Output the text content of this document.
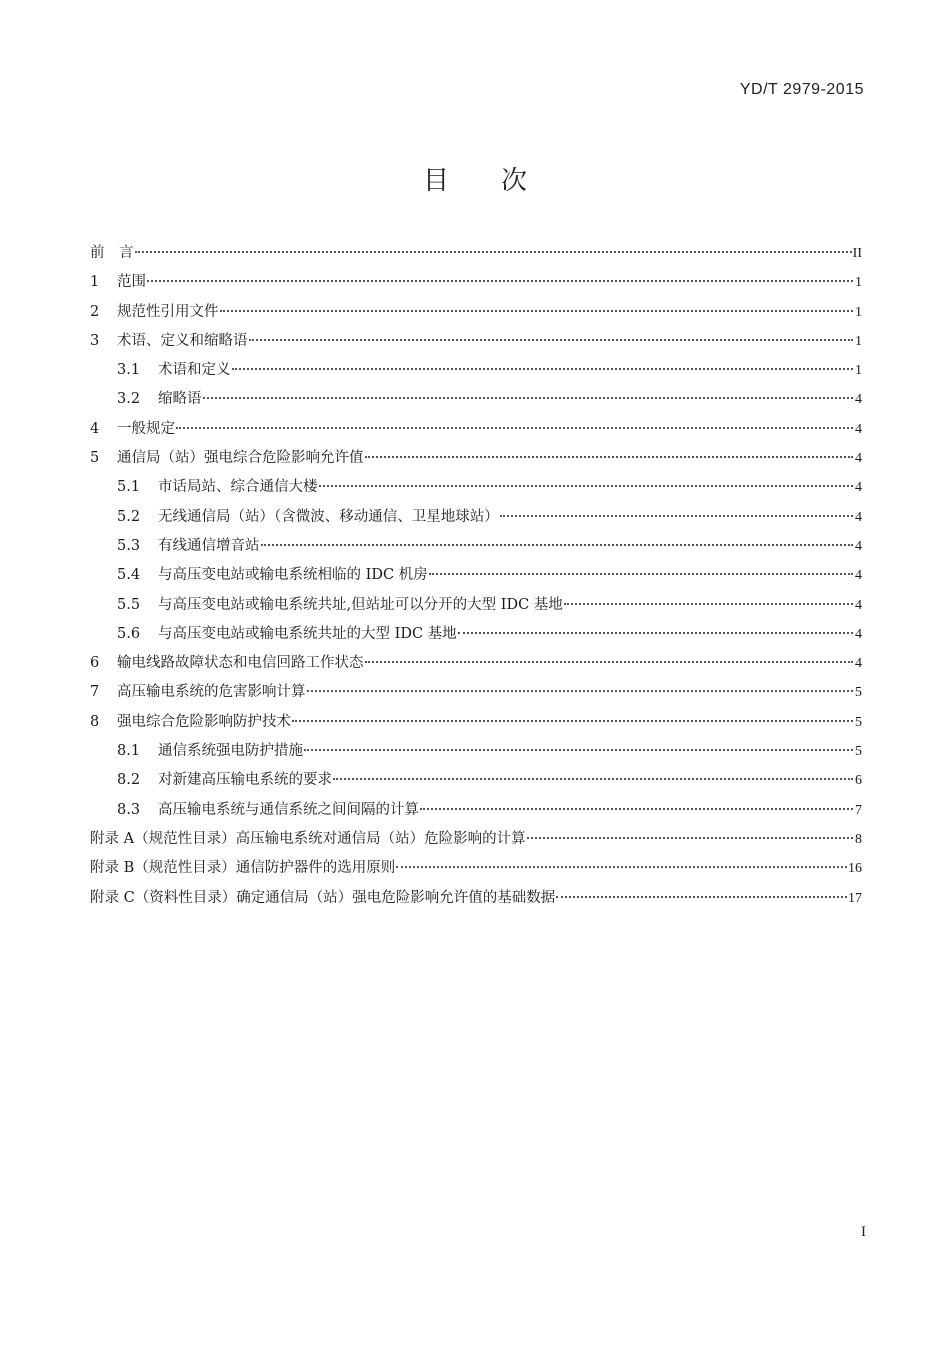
YD/T 2979-2015
目次
前　言	II
1	范围	1
2	规范性引用文件	1
3	术语、定义和缩略语	1
3.1	术语和定义	1
3.2	缩略语	4
4	一般规定	4
5	通信局（站）强电综合危险影响允许值	4
5.1	市话局站、综合通信大楼	4
5.2	无线通信局（站）（含微波、移动通信、卫星地球站）	4
5.3	有线通信增音站	4
5.4	与高压变电站或输电系统相临的 IDC 机房	4
5.5	与高压变电站或输电系统共址,但站址可以分开的大型 IDC 基地	4
5.6	与高压变电站或输电系统共址的大型 IDC 基地	4
6	输电线路故障状态和电信回路工作状态	4
7	高压输电系统的危害影响计算	5
8	强电综合危险影响防护技术	5
8.1	通信系统强电防护措施	5
8.2	对新建高压输电系统的要求	6
8.3	高压输电系统与通信系统之间间隔的计算	7
附录 A（规范性目录）高压输电系统对通信局（站）危险影响的计算	8
附录 B（规范性目录）通信防护器件的选用原则	16
附录 C（资料性目录）确定通信局（站）强电危险影响允许值的基础数据	17
I
